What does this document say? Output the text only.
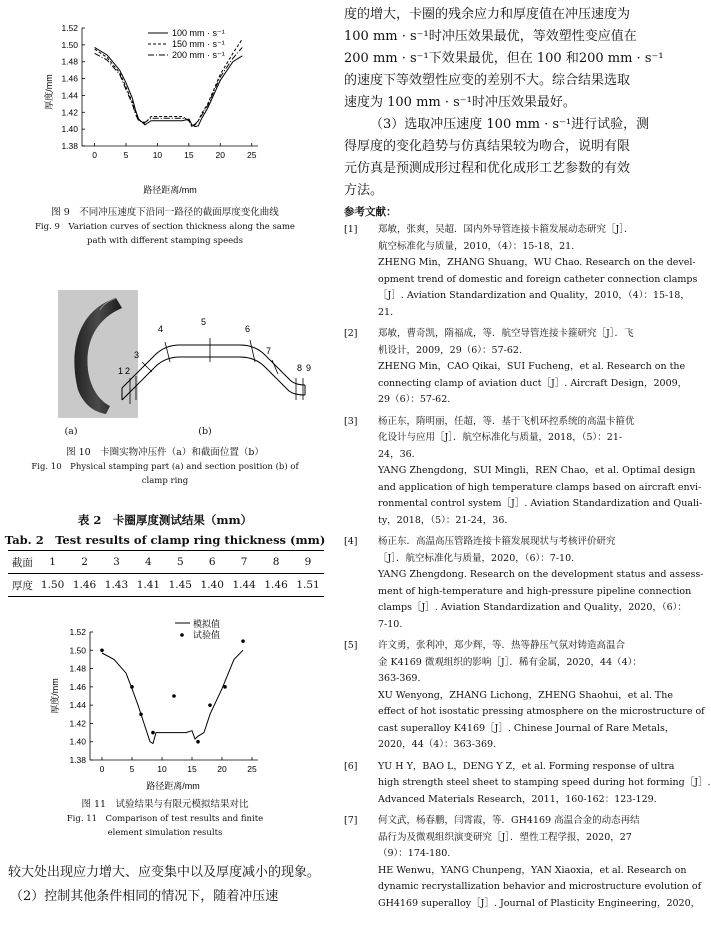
1.52
1.50
1.48
1.46
1.44
1.42
1.40
1.38
0	5	10	15	20	25
100 mm · s⁻¹
150 mm · s⁻¹
200 mm · s⁻¹
厚度/mm
路径距离/mm
图 9　不同冲压速度下沿同一路径的截面厚度变化曲线
Fig. 9　Variation curves of section thickness along the same
path with different stamping speeds
(a)
1 2
3
4
5
6
7
8 9
(b)
图 10　卡圈实物冲压件（a）和截面位置（b）
Fig. 10　Physical stamping part (a) and section position (b) of
clamp ring
表 2　卡圈厚度测试结果（mm）
Tab. 2　Test results of clamp ring thickness (mm)
截面	1	2	3	4	5	6	7	8	9
厚度	1.50	1.46	1.43	1.41	1.45	1.40	1.44	1.46	1.51
1.52
1.50
1.48
1.46
1.44
1.42
1.40
1.38
0	5	10 15 20 25
模拟值
试验值
厚度/mm
路径距离/mm
图 11　试验结果与有限元模拟结果对比
Fig. 11　Comparison of test results and finite
element simulation results
较大处出现应力增大、应变集中以及厚度减小的现象。
（2）控制其他条件相同的情况下，随着冲压速
度的增大，卡圈的残余应力和厚度值在冲压速度为
100 mm · s⁻¹时冲压效果最优，等效塑性变应值在
200 mm · s⁻¹下效果最优，但在 100 和200 mm · s⁻¹
的速度下等效塑性应变的差别不大。综合结果选取
速度为 100 mm · s⁻¹时冲压效果最好。
（3）选取冲压速度 100 mm · s⁻¹进行试验，测
得厚度的变化趋势与仿真结果较为吻合，说明有限
元仿真是预测成形过程和优化成形工艺参数的有效
方法。
参考文献：
[1] 郑敏，张爽，吴超．国内外导管连接卡箍发展动态研究［J］．
航空标准化与质量，2010，（4）：15-18，21.
ZHENG Min，ZHANG Shuang，WU Chao. Research on the devel-
opment trend of domestic and foreign catheter connection clamps
［J］. Aviation Standardization and Quality，2010，（4）：15-18，
21.
[2] 郑敏，曹奇凯，隋福成，等．航空导管连接卡箍研究［J］．飞
机设计，2009，29（6）：57-62.
ZHENG Min，CAO Qikai，SUI Fucheng，et al. Research on the
connecting clamp of aviation duct［J］. Aircraft Design，2009，
29（6）：57-62.
[3] 杨正东，隋明丽，任超，等．基于飞机环控系统的高温卡箍优
化设计与应用［J］．航空标准化与质量，2018，（5）：21-
24，36.
YANG Zhengdong，SUI Mingli，REN Chao，et al. Optimal design
and application of high temperature clamps based on aircraft envi-
ronmental control system［J］. Aviation Standardization and Quali-
ty，2018，（5）：21-24，36.
[4] 杨正东．高温高压管路连接卡箍发展现状与考核评价研究
［J］．航空标准化与质量，2020，（6）：7-10.
YANG Zhengdong. Research on the development status and assess-
ment of high-temperature and high-pressure pipeline connection
clamps［J］. Aviation Standardization and Quality，2020，（6）：
7-10.
[5] 许文勇，张利冲，郑少辉，等．热等静压气氛对铸造高温合
金 K4169 微观组织的影响［J］．稀有金属，2020，44（4）：
363-369.
XU Wenyong，ZHANG Lichong，ZHENG Shaohui，et al. The
effect of hot isostatic pressing atmosphere on the microstructure of
cast superalloy K4169［J］. Chinese Journal of Rare Metals，
2020，44（4）：363-369.
[6] YU H Y，BAO L，DENG Y Z，et al. Forming response of ultra
high strength steel sheet to stamping speed during hot forming［J］.
Advanced Materials Research，2011，160-162：123-129.
[7] 何文武，杨春鹏，闫霄霞，等．GH4169 高温合金的动态再结
晶行为及微观组织演变研究［J］．塑性工程学报，2020，27
（9）：174-180.
HE Wenwu，YANG Chunpeng，YAN Xiaoxia，et al. Research on
dynamic recrystallization behavior and microstructure evolution of
GH4169 superalloy［J］. Journal of Plasticity Engineering，2020，
